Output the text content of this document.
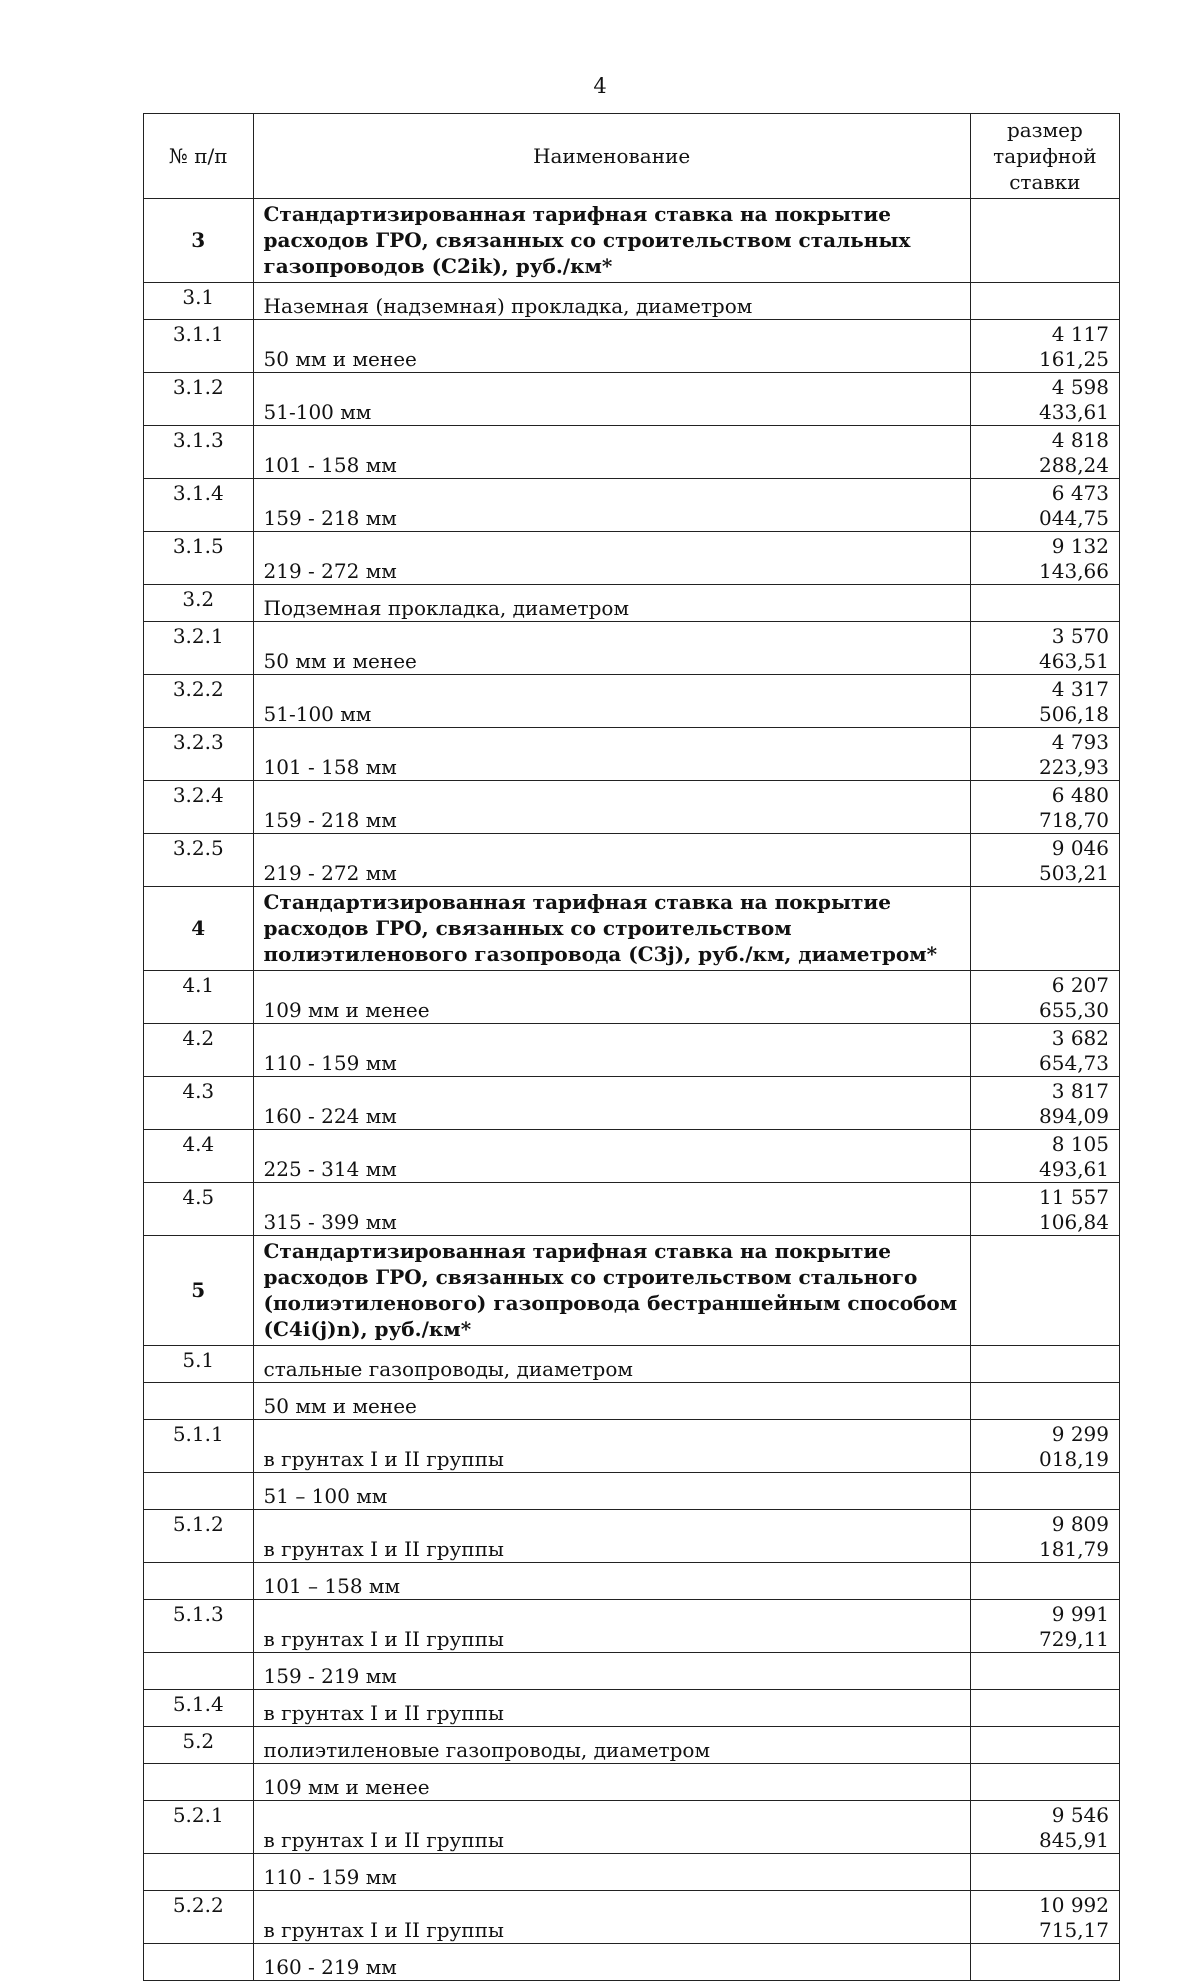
4
№ п/п	Наименование	размер тарифной ставки
3	Стандартизированная тарифная ставка на покрытие расходов ГРО, связанных со строительством стальных газопроводов (С2ik), руб./км*	
3.1	Наземная (надземная) прокладка, диаметром	
3.1.1	50 мм и менее	4 117 161,25
3.1.2	51-100 мм	4 598 433,61
3.1.3	101 - 158 мм	4 818 288,24
3.1.4	159 - 218 мм	6 473 044,75
3.1.5	219 - 272 мм	9 132 143,66
3.2	Подземная прокладка, диаметром	
3.2.1	50 мм и менее	3 570 463,51
3.2.2	51-100 мм	4 317 506,18
3.2.3	101 - 158 мм	4 793 223,93
3.2.4	159 - 218 мм	6 480 718,70
3.2.5	219 - 272 мм	9 046 503,21
4	Стандартизированная тарифная ставка на покрытие расходов ГРО, связанных со строительством полиэтиленового газопровода (С3j), руб./км, диаметром*	
4.1	109 мм и менее	6 207 655,30
4.2	110 - 159 мм	3 682 654,73
4.3	160 - 224 мм	3 817 894,09
4.4	225 - 314 мм	8 105 493,61
4.5	315 - 399 мм	11 557 106,84
5	Стандартизированная тарифная ставка на покрытие расходов ГРО, связанных со строительством стального (полиэтиленового) газопровода бестраншейным способом (С4i(j)n), руб./км*	
5.1	стальные газопроводы, диаметром	
	50 мм и менее	
5.1.1	в грунтах I и II группы	9 299 018,19
	51 – 100 мм	
5.1.2	в грунтах I и II группы	9 809 181,79
	101 – 158 мм	
5.1.3	в грунтах I и II группы	9 991 729,11
	159 - 219 мм	
5.1.4	в грунтах I и II группы	
5.2	полиэтиленовые газопроводы, диаметром	
	109 мм и менее	
5.2.1	в грунтах I и II группы	9 546 845,91
	110 - 159 мм	
5.2.2	в грунтах I и II группы	10 992 715,17
	160 - 219 мм	
